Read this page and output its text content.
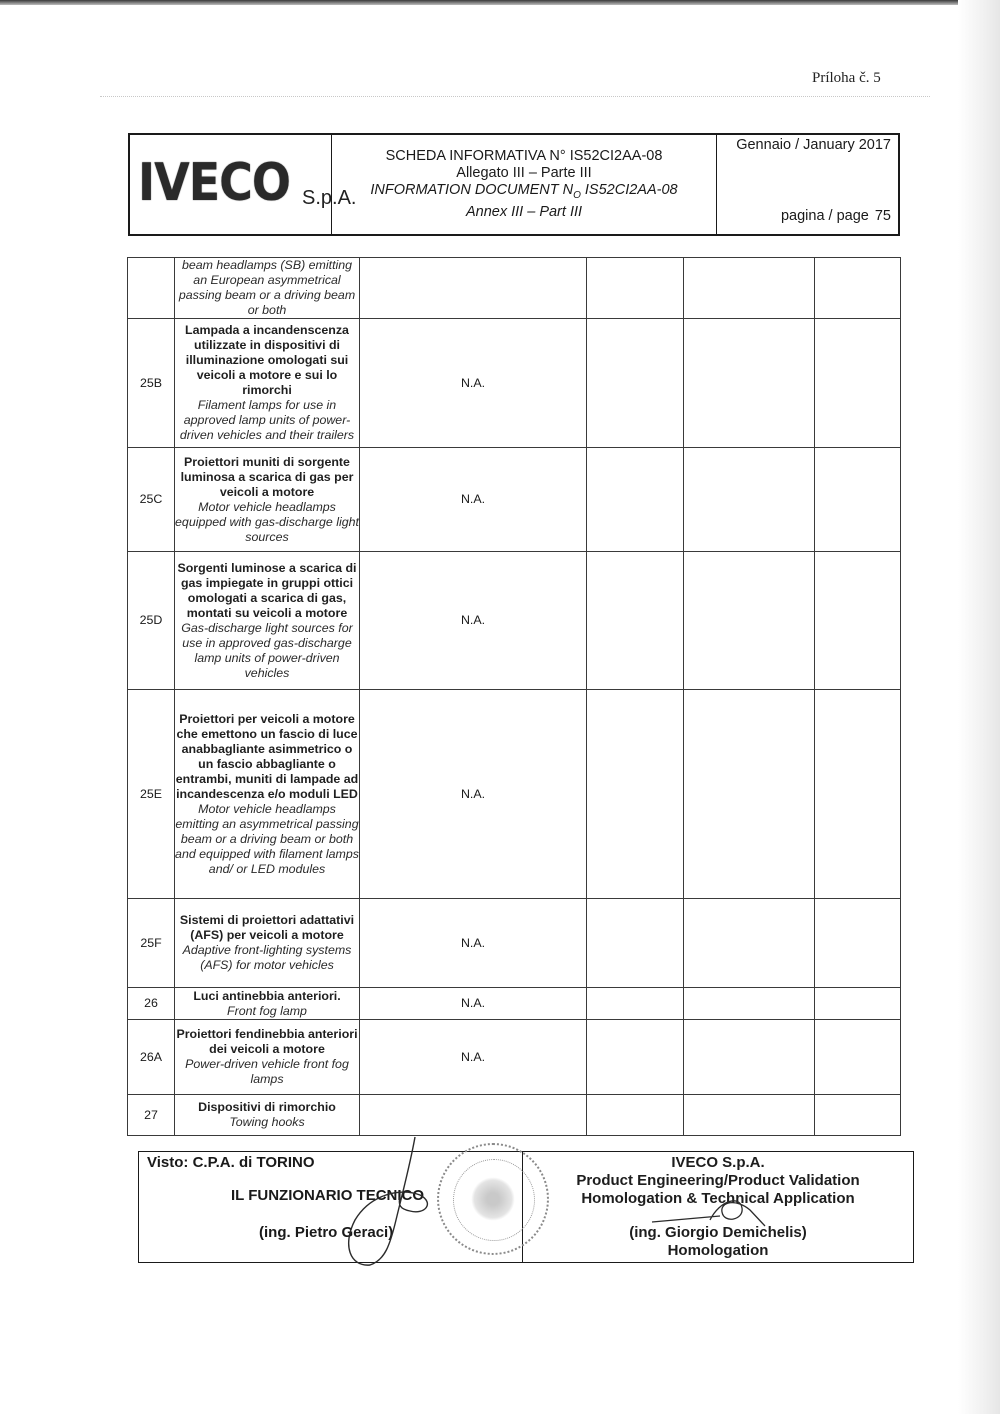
Príloha č. 5
IVECO S.p.A.
SCHEDA INFORMATIVA N° IS52CI2AA-08
Allegato III – Parte III
INFORMATION DOCUMENT $N_O$ IS52CI2AA-08
Annex III – Part III
Gennaio / January 2017
pagina / page 75

	beam headlamps (SB) emitting an European asymmetrical passing beam or a driving beam or both				

25B	Lampada a incandenscenza utilizzate in dispositivi di illuminazione omologati sui veicoli a motore e sui lo rimorchi
Filament lamps for use in approved lamp units of power-driven vehicles and their trailers	N.A.			
25C	Proiettori muniti di sorgente luminosa a scarica di gas per veicoli a motore
Motor vehicle headlamps equipped with gas-discharge light sources	N.A.			
25D	Sorgenti luminose a scarica di gas impiegate in gruppi ottici omologati a scarica di gas, montati su veicoli a motore
Gas-discharge light sources for use in approved gas-discharge lamp units of power-driven vehicles	N.A.			
25E	Proiettori per veicoli a motore che emettono un fascio di luce anabbagliante asimmetrico o un fascio abbagliante o entrambi, muniti di lampade ad incandescenza e/o moduli LED
Motor vehicle headlamps emitting an asymmetrical passing beam or a driving beam or both and equipped with filament lamps and/ or LED modules	N.A.			
25F	Sistemi di proiettori adattativi (AFS) per veicoli a motore
Adaptive front-lighting systems (AFS) for motor vehicles	N.A.			
26	Luci antinebbia anteriori.
Front fog lamp	N.A.			
26A	Proiettori fendinebbia anteriori dei veicoli a motore
Power-driven vehicle front fog lamps	N.A.			
27	Dispositivi di rimorchio
Towing hooks				

Visto: C.P.A. di TORINO
IL FUNZIONARIO TECNICO
(ing. Pietro Geraci)
IVECO S.p.A.
Product Engineering/Product Validation
Homologation & Technical Application
(ing. Giorgio Demichelis)
Homologation
